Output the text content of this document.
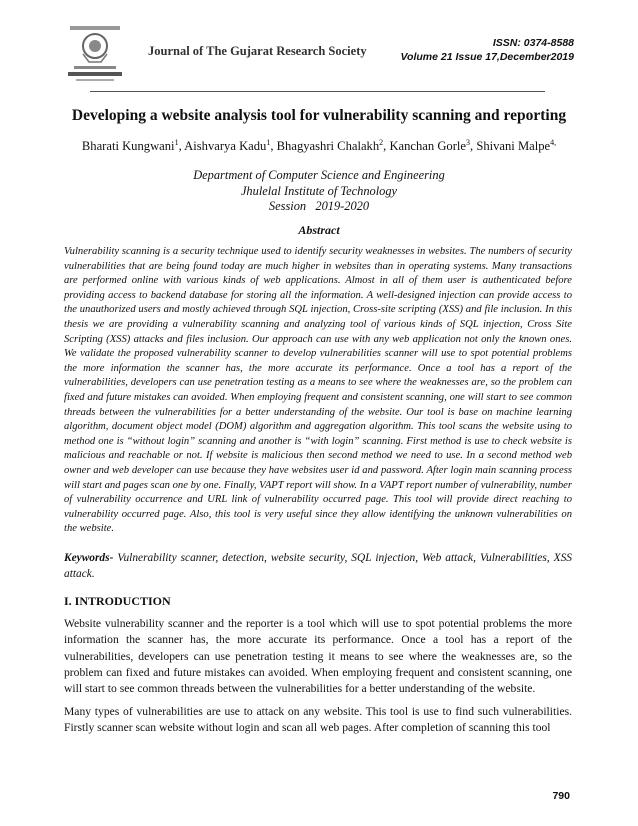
Journal of The Gujarat Research Society
ISSN: 0374-8588
Volume 21 Issue 17,December2019
Developing a website analysis tool for vulnerability scanning and reporting
Bharati Kungwani$^1$, Aishvarya Kadu$^1$, Bhagyashri Chalakh$^2$, Kanchan Gorle$^3$, Shivani Malpe$^{4,}$
Department of Computer Science and Engineering
Jhulelal Institute of Technology
Session   2019-2020
Abstract

Vulnerability scanning is a security technique used to identify security weaknesses in websites. The numbers of security vulnerabilities that are being found today are much higher in websites than in operating systems. Many transactions are performed online with various kinds of web applications. Almost in all of them user is authenticated before providing access to backend database for storing all the information. A well-designed injection can provide access to the unauthorized users and mostly achieved through SQL injection, Cross-site scripting (XSS) and file inclusion. In this thesis we are providing a vulnerability scanning and analyzing tool of various kinds of SQL injection, Cross Site Scripting (XSS) attacks and files inclusion. Our approach can use with any web application not only the known ones. We validate the proposed vulnerability scanner to develop vulnerabilities scanner will use to spot potential problems the more information the scanner has, the more accurate its performance. Once a tool has a report of the vulnerabilities, developers can use penetration testing as a means to see where the weaknesses are, so the problem can fixed and future mistakes can avoided. When employing frequent and consistent scanning, one will start to see common threads between the vulnerabilities for a better understanding of the website. Our tool is base on machine learning algorithm, document object model (DOM) algorithm and aggregation algorithm. This tool scans the website using to method one is “without login” scanning and another is “with login” scanning. First method is use to check website is malicious and reachable or not. If website is malicious then second method we need to use. In a second method web owner and web developer can use because they have websites user id and password. After login main scanning process will start and pages scan one by one. Finally, VAPT report will show. In a VAPT report number of vulnerability, number of vulnerability occurrence and URL link of vulnerability occurred page. This tool will provide direct reaching to vulnerability occurred page. Also, this tool is very useful since they allow identifying the unknown vulnerabilities on the website.

Keywords- Vulnerability scanner, detection, website security, SQL injection, Web attack, Vulnerabilities, XSS attack.

I. INTRODUCTION

Website vulnerability scanner and the reporter is a tool which will use to spot potential problems the more information the scanner has, the more accurate its performance. Once a tool has a report of the vulnerabilities, developers can use penetration testing it means to see where the weaknesses are, so the problem can fixed and future mistakes can avoided. When employing frequent and consistent scanning, one will start to see common threads between the vulnerabilities for a better understanding of the website.

Many types of vulnerabilities are use to attack on any website. This tool is use to find such vulnerabilities. Firstly scanner scan website without login and scan all web pages. After completion of scanning this tool

790
